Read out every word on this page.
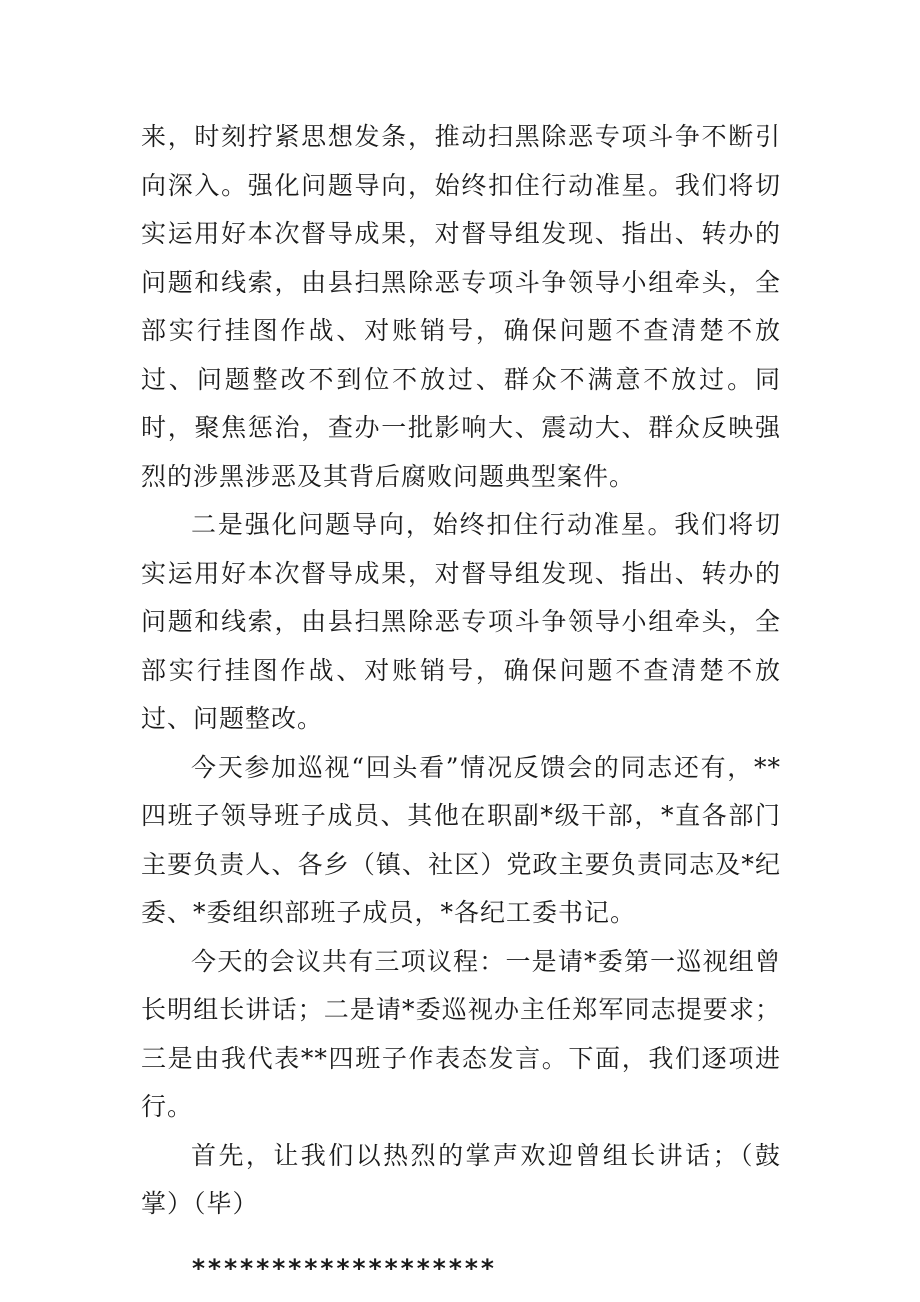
来，时刻拧紧思想发条，推动扫黑除恶专项斗争不断引向深入。强化问题导向，始终扣住行动准星。我们将切实运用好本次督导成果，对督导组发现、指出、转办的问题和线索，由县扫黑除恶专项斗争领导小组牵头，全部实行挂图作战、对账销号，确保问题不查清楚不放过、问题整改不到位不放过、群众不满意不放过。同时，聚焦惩治，查办一批影响大、震动大、群众反映强烈的涉黑涉恶及其背后腐败问题典型案件。

二是强化问题导向，始终扣住行动准星。我们将切实运用好本次督导成果，对督导组发现、指出、转办的问题和线索，由县扫黑除恶专项斗争领导小组牵头，全部实行挂图作战、对账销号，确保问题不查清楚不放过、问题整改。

今天参加巡视“回头看”情况反馈会的同志还有，**四班子领导班子成员、其他在职副*级干部，*直各部门主要负责人、各乡（镇、社区）党政主要负责同志及*纪委、*委组织部班子成员，*各纪工委书记。

今天的会议共有三项议程：一是请*委第一巡视组曾长明组长讲话；二是请*委巡视办主任郑军同志提要求；三是由我代表**四班子作表态发言。下面，我们逐项进行。

首先，让我们以热烈的掌声欢迎曾组长讲话；（鼓掌）（毕）

*******************
